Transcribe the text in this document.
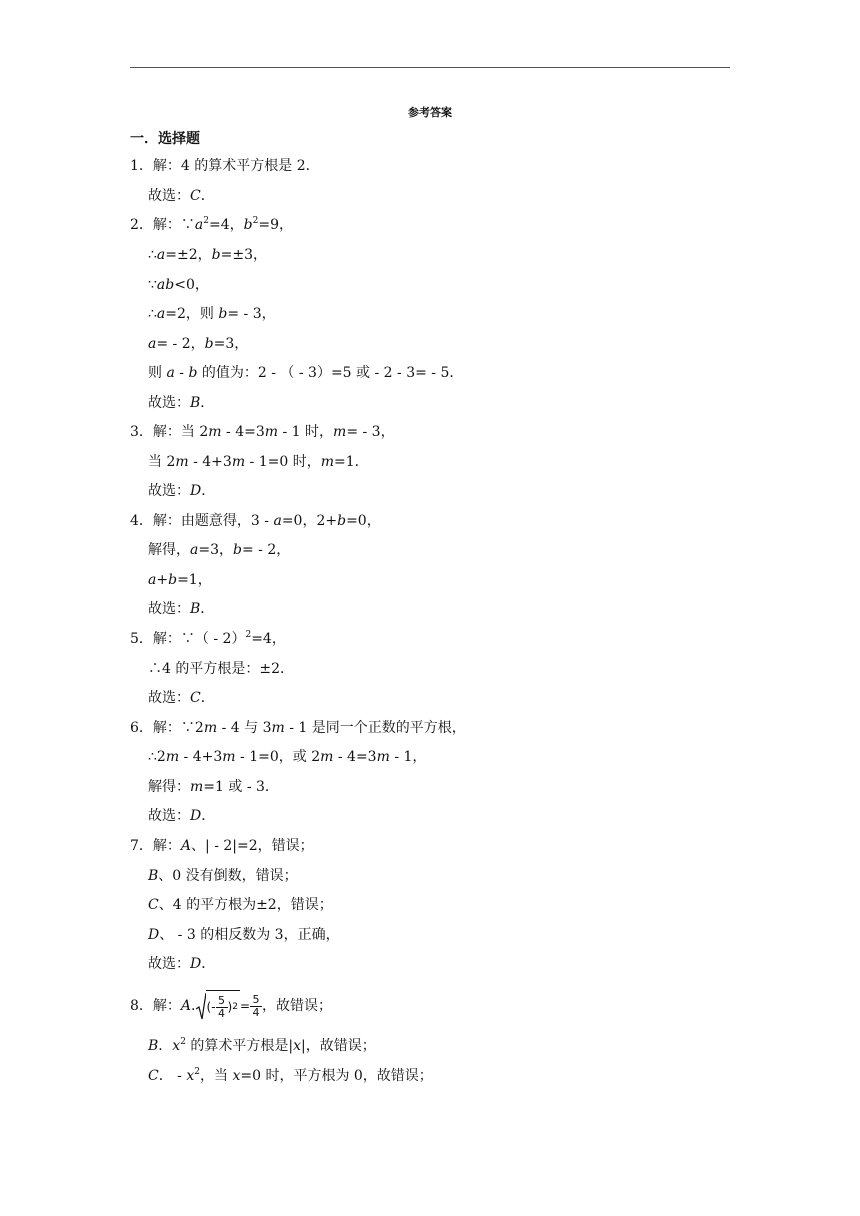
参考答案
一．选择题
1．解：4 的算术平方根是 2．
故选：C．
2．解：$\because a^2=4$，$b^2=9$，
∴a=±2，b=±3，
∵ab<0，
∴a=2，则 b= ‑ 3，
a= ‑ 2，b=3，
则 a ‑ b 的值为：2 ‑ （ ‑ 3）=5 或 ‑ 2 ‑ 3= ‑ 5．
故选：B．
3．解：当 2m ‑ 4=3m ‑ 1 时，m= ‑ 3，
当 2m ‑ 4+3m ‑ 1=0 时，m=1．
故选：D．
4．解：由题意得，3 ‑ a=0，2+b=0，
解得，a=3，b= ‑ 2，
a+b=1，
故选：B．
5．解：∵（ ‑ 2）$^2$=4，
∴4 的平方根是：±2．
故选：C．
6．解：∵2m ‑ 4 与 3m ‑ 1 是同一个正数的平方根，
∴2m ‑ 4+3m ‑ 1=0，或 2m ‑ 4=3m ‑ 1，
解得：m=1 或 ‑ 3．
故选：D．
7．解：A、| ‑ 2|=2，错误；
B、0 没有倒数，错误；
C、4 的平方根为±2，错误；
D、 ‑ 3 的相反数为 3，正确，
故选：D．
8．解：A. ( ‑ $\frac{5}{4}$ ) $2 = \frac{5}{4}$ ，故错误；
B．$x^2$ 的算术平方根是|x|，故错误；
C． ‑ $x^2$，当 x=0 时，平方根为 0，故错误；
